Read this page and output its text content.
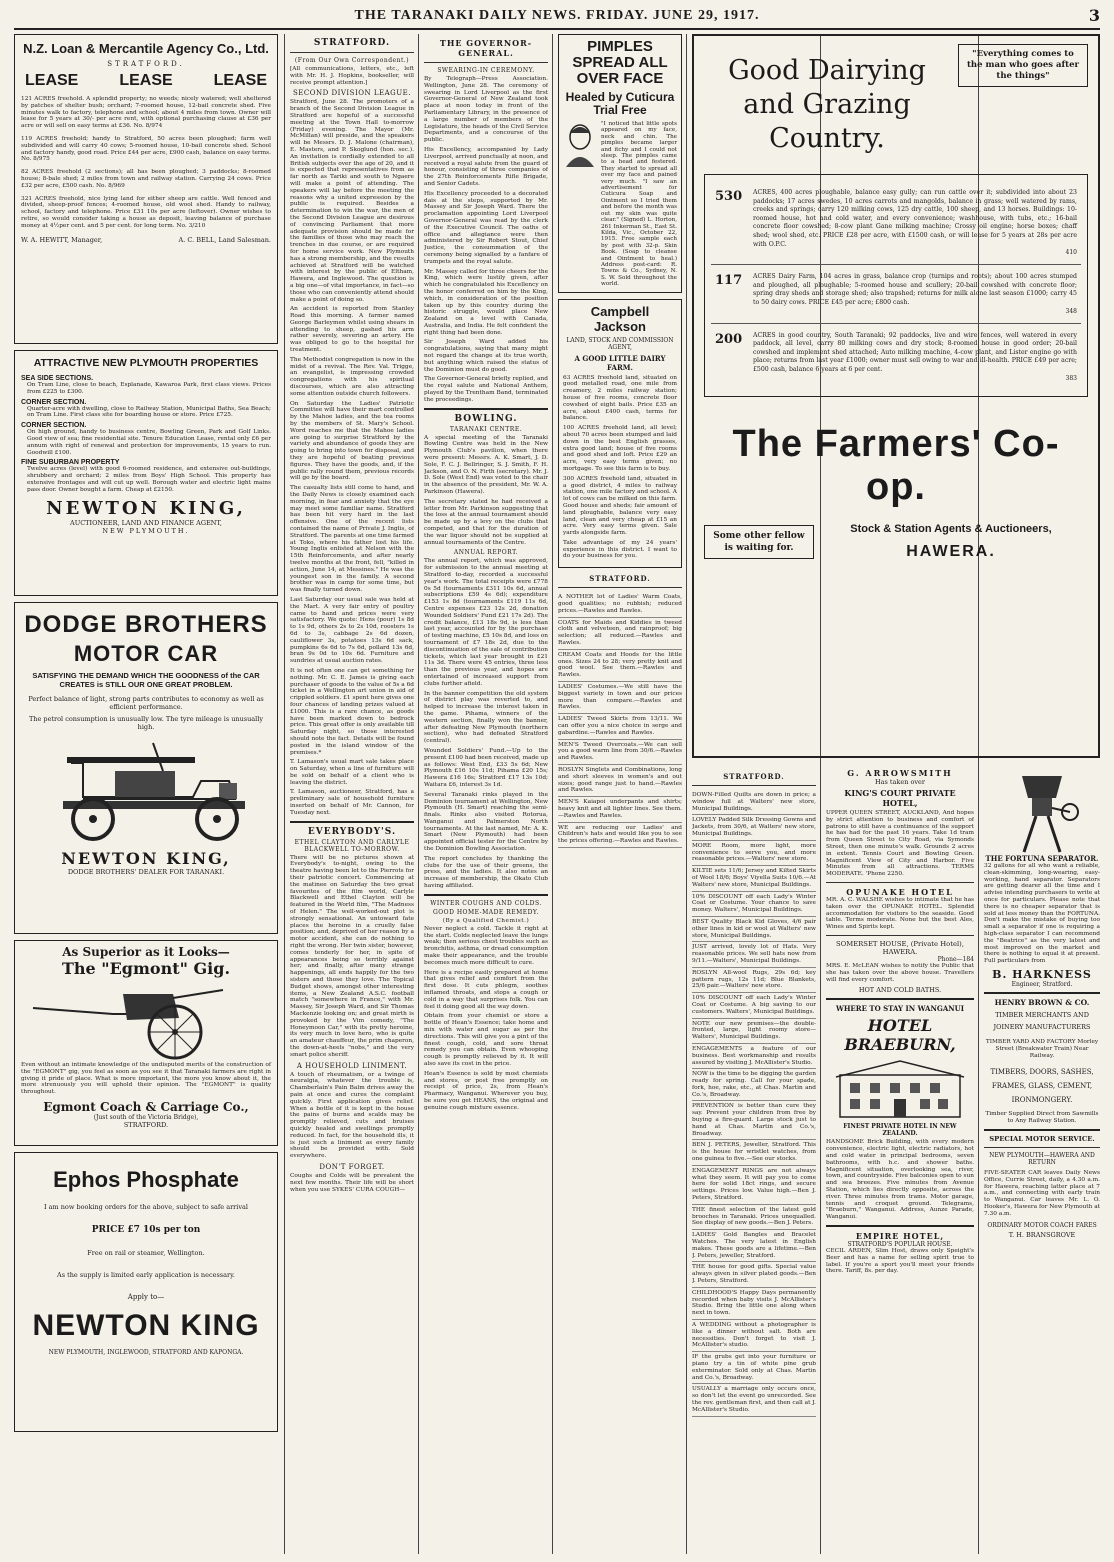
THE TARANAKI DAILY NEWS. FRIDAY. JUNE 29, 1917.	3
N.Z. Loan & Mercantile Agency Co., Ltd.
STRATFORD.
LEASE	LEASE	LEASE
121 ACRES freehold. A splendid property; no weeds; nicely watered; well sheltered by patches of shelter bush; orchard; 7-roomed house, 12-bail concrete shed. Five minutes walk to factory, telephone and school; about 4 miles from town. Owner will lease for 5 years at 30/- per acre rent, with optional purchasing clause at £36 per acre or will sell on easy terms at £36. No. 8/974
119 ACRES freehold; handy to Stratford, 50 acres been ploughed; farm well subdivided and will carry 40 cows; 5-roomed house, 10-bail concrete shed. School and factory handy, good road. Price £44 per acre, £900 cash, balance on easy terms. No. 8/975
82 ACRES freehold (2 sections); all has been ploughed; 3 paddocks; 8-roomed house; 8-bale shed; 2 miles from town and railway station. Carrying 24 cows. Price £32 per acre, £500 cash. No. 8/969
321 ACRES freehold, nice lying land for either sheep are cattle. Well fenced and divided, sheep-proof fences; 4-roomed house, old wool shed. Handy to railway, school, factory and telephone. Price £31 10s per acre (leftover). Owner wishes to retire, so would consider taking a house as deposit, leaving balance of purchase money at 4½per cent. and 5 per cent. for long term. No. 3/210
W. A. HEWITT, Manager,	A. C. BELL, Land Salesman.
ATTRACTIVE NEW PLYMOUTH PROPERTIES
SEA SIDE SECTIONS.
On Tram Line, close to beach, Esplanade, Kawaroa Park, first class views. Prices from £225 to £300.
CORNER SECTION.
Quarter-acre with dwelling, close to Railway Station, Municipal Baths, Sea Beach; on Tram Line. First class site for boarding house or store. Price £725.
CORNER SECTION.
On high ground, handy to business centre, Bowling Green, Park and Golf Links. Good view of sea; fine residential site. Tenure Education Lease, rental only £6 per annum with right of renewal and protection for improvements, 15 years to run. Goodwill £100.
FINE SUBURBAN PROPERTY
Twelve acres (level) with good 6-roomed residence, and extensive out-buildings, shrubbery and orchard; 2 miles from Boys' High School. This property has extensive frontages and will cut up well. Borough water and electric light mains pass door. Owner bought a farm. Cheap at £2150.
NEWTON KING,
AUCTIONEER, LAND AND FINANCE AGENT,
NEW PLYMOUTH.
DODGE BROTHERS
MOTOR CAR
SATISFYING THE DEMAND WHICH THE GOODNESS of the CAR CREATES is STILL OUR ONE GREAT PROBLEM.
Perfect balance of light, strong parts contributes to economy as well as efficient performance.
The petrol consumption is unusually low. The tyre mileage is unusually high.
NEWTON KING,
DODGE BROTHERS' DEALER FOR TARANAKI.
As Superior as it Looks—
The "Egmont" Gig.
Even without an intimate knowledge of the undisputed merits of the construction of the "EGMONT" gig, you feel as soon as you see it that Taranaki farmers are right in giving it pride of place. What is more important, the more you know about it, the more strenuously you will uphold their opinion. The "EGMONT" is quality throughout.
Egmont Coach & Carriage Co.,
(Just south of the Victoria Bridge),
STRATFORD.
Ephos Phosphate
I am now booking orders for the above, subject to safe arrival
PRICE £7 10s per ton
Free on rail or steamer, Wellington.
As the supply is limited early application is necessary.
Apply to—
NEWTON KING
NEW PLYMOUTH, INGLEWOOD, STRATFORD AND KAPONGA.
STRATFORD.
(From Our Own Correspondent.)
[All communications, letters, etc., left with Mr. H. J. Hopkins, bookseller, will receive prompt attention.]
SECOND DIVISION LEAGUE.
Stratford, June 28. The promoters of a branch of the Second Division League in Stratford are hopeful of a successful meeting at the Town Hall to-morrow (Friday) evening. The Mayor (Mr. McMillan) will preside, and the speakers will be Messrs. D. J. Malone (chairman), E. Masters, and P. Skoglund (hon. sec.). An invitation is cordially extended to all British subjects over the age of 20, and it is expected that representatives from as far north as Tariki and south to Ngaere will make a point of attending. The speakers will lay before the meeting the reasons why a united expression by the public is required. Besides a determination to win the war, the men of the Second Division League are desirous of convincing Parliament that more adequate provision should be made for the families of those who may reach the trenches in due course, or are required for home service work. New Plymouth has a strong membership, and the results achieved at Stratford will be watched with interest by the public of Eltham, Hawera, and Inglewood. The question is a big one—of vital importance, in fact—so those who can conveniently attend should make a point of doing so.
An accident is reported from Stanley Road this morning. A farmer named George Barleymen whilst using shears in attending to sheep, gashed his arm rather severely, severing an artery. He was obliged to go to the hospital for treatment.
The Methodist congregation is now in the midst of a revival. The Rev. Val. Trigge, an evangelist, is impressing crowded congregations with his spiritual discourses, which are also attracting some attention outside church followers.
On Saturday the Ladies' Patriotic Committee will have their mart controlled by the Mahoe ladies, and the tea rooms by the members of St. Mary's School. Word reaches me that the Mahoe ladies are going to surprise Stratford by the variety and abundance of goods they are going to bring into town for disposal, and they are hopeful of beating previous figures. They have the goods, and, if the public rally round them, previous records will go by the board.
The casualty lists still come to hand, and the Daily News is closely examined each morning, in fear and anxiety that the eye may meet some familiar name. Stratford has been hit very hard in the last offensive. One of the recent lists contained the name of Private J. Inglis, of Stratford. The parents at one time farmed at Toko, where his father lost his life. Young Inglis enlisted at Nelson with the 15th Reinforcements, and after nearly twelve months at the front, fell, "killed in action, June 14, at Messines." He was the youngest son in the family. A second brother was in camp for some time, but was finally turned down.
Last Saturday our usual sale was held at the Mart. A very fair entry of poultry came to hand and prices were very satisfactory. We quote: Hens (pour) 1s 8d to 1s 9d, others 2s to 2s 10d, roosters 1s 6d to 3s, cabbage 2s 6d dozen, cauliflower 3s, potatoes 13s 6d sack, pumpkins 6s 6d to 7s 6d, pollard 13s 6d, bran 9s 0d to 10s 6d. Furniture and sundries at usual auction rates.
It is not often one can get something for nothing. Mr. C. E. James is giving each purchaser of goods to the value of 5s a 6d ticket in a Wellington art union in aid of crippled soldiers. £1 spent here gives one four chances of landing prizes valued at £1000. This is a rare chance, as goods have been marked down to bedrock price. This great offer is only available till Saturday night, so those interested should note the fact. Details will be found posted in the island window of the premises.*
T. Lamason's usual mart sale takes place on Saturday, when a line of furniture will be sold on behalf of a client who is leaving the district.
T. Lamason, auctioneer, Stratford, has a preliminary sale of household furniture inserted on behalf of Mr. Cannon, for Tuesday next.
EVERYBODY'S.
ETHEL CLAYTON AND CARLYLE BLACKWELL TO-MORROW.
There will be no pictures shown at Everybody's to-night, owing to the theatre having been let to the Pierrots for their patriotic concert. Commencing at the matinee on Saturday the two great favourites of the film world, Carlyle Blackwell and Ethel Clayton will be featured in the World film, "The Madness of Helen." The well-worked-out plot is strongly sensational. An untoward fate places the heroine in a cruelly false position; and, deprived of her reason by a motor accident, she can do nothing to right the wrong. Her twin sister, however, comes tenderly for her, in spite of appearances being so terribly against her; and finally, after many strange happenings, all ends happily for the two sisters and those they love. The Topical Budget shows, amongst other interesting items, a New Zealand A.S.C. football match "somewhere in France," with Mr. Massey, Sir Joseph Ward, and Sir Thomas Mackenzie looking on; and great mirth is provoked by the Vim comedy, "The Honeymoon Car," with its pretty heroine, its very much in love hero, who is quite an amateur chauffeur, the prim chaperon, the down-at-heels "nobs," and the very smart police sheriff.
A HOUSEHOLD LINIMENT.
A touch of rheumatism, or a twinge of neuralgia, whatever the trouble is, Chamberlain's Pain Balm drives away the pain at once and cures the complaint quickly. First application gives relief. When a bottle of it is kept in the house the pains of burns and scalds may be promptly relieved, cuts and bruises quickly healed and swellings promptly reduced. In fact, for the household ills, it is just such a liniment as every family should be provided with. Sold everywhere.
DON'T FORGET.
Coughs and Colds will be prevalent the next few months. Their life will be short when you use SYKES' CURA COUGH—
THE GOVERNOR-GENERAL.
SWEARING-IN CEREMONY.
By Telegraph—Press Association. Wellington, June 28. The ceremony of swearing in Lord Liverpool as the first Governor-General of New Zealand took place at noon today in front of the Parliamentary Library, in the presence of a large number of members of the Legislature, the heads of the Civil Service Departments, and a concourse of the public.
His Excellency, accompanied by Lady Liverpool, arrived punctually at noon, and received a royal salute from the guard of honour, consisting of three companies of the 27th Reinforcements Rifle Brigade, and Senior Cadets.
His Excellency proceeded to a decorated dais at the steps, supported by Mr. Massey and Sir Joseph Ward. There the proclamation appointing Lord Liverpool Governor-General was read by the clerk of the Executive Council. The oaths of office and allegiance were then administered by Sir Robert Stout, Chief Justice, the consummation of the ceremony being signalled by a fanfare of trumpets and the royal salute.
Mr. Massey called for three cheers for the King, which were lustily given, after which he congratulated his Excellency on the honor conferred on him by the King, which, in consideration of the position taken up by this country during the historic struggle, would place New Zealand on a level with Canada, Australia, and India. He felt confident the right thing had been done.
Sir Joseph Ward added his congratulations, saying that many might not regard the change at its true worth, but anything which raised the status of the Dominion must do good.
The Governor-General briefly replied, and the royal salute and National Anthem, played by the Trentham Band, terminated the proceedings.
BOWLING.
TARANAKI CENTRE.
A special meeting of the Taranaki Bowling Centre was held in the New Plymouth Club's pavilion, when there were present: Messrs. A. K. Smart, J. D. Sole, F. C. J. Bellringer, S. J. Smith, F. H. Jackson, and O. N. Firth (secretary). Mr. J. D. Sole (West End) was voted to the chair in the absence of the president, Mr. W. A. Parkinson (Hawera).
The secretary stated he had received a letter from Mr. Parkinson suggesting that the loss at the annual tournament should be made up by a levy on the clubs that competed, and that for the duration of the war liquor should not be supplied at annual tournaments of the Centre.
ANNUAL REPORT.
The annual report, which was approved, for submission to the annual meeting at Stratford to-day, recorded a successful year's work. The total receipts were £778 0s 5d (tournaments £311 10s 6d, annual subscriptions £59 4s 6d); expenditure £153 1s 8d (tournaments £119 11s 6d, Centre expenses £23 12s 2d, donation Wounded Soldiers' Fund £21 17s 2d). The credit balance, £13 18s 9d, is less than last year, accounted for by the purchase of testing machine, £5 10s 8d, and loss on tournament of £7 18s 2d, due to the discontinuation of the sale of contribution tickets, which last year brought in £21 11s 3d. There were 45 entries, three less than the previous year, and hopes are entertained of increased support from clubs further afield.
In the banner competition the old system of district play was reverted to, and helped to increase the interest taken in the game. Pihama, winners of the western section, finally won the banner, after defeating New Plymouth (northern section), who had defeated Stratford (central).
Wounded Soldiers' Fund.—Up to the present £100 had been received, made up as follows: West End, £33 5s 6d; New Plymouth £16 10s 11d; Pihama £20 15s; Hawera £16 16s; Stratford £17 13s 10d; Waitara £6, interest 3s 1d.
Several Taranaki rinks played in the Dominion tournament at Wellington, New Plymouth (H. Smart) reaching the semi-finals. Rinks also visited Rotorua, Wanganui and Palmerston North tournaments. At the last named, Mr. A. K. Smart (New Plymouth) had been appointed official tester for the Centre by the Dominion Bowling Association.
The report concludes by thanking the clubs for the use of their greens, the press, and the ladies. It also notes an increase of membership, the Okato Club having affiliated.
WINTER COUGHS AND COLDS.
GOOD HOME-MADE REMEDY.
(By a Qualified Chemist.)
Never neglect a cold. Tackle it right at the start. Colds neglected leave the lungs weak; then serious chest troubles such as bronchitis, asthma, or dread consumption make their appearance, and the trouble becomes much more difficult to cure.
Here is a recipe easily prepared at home that gives relief and comfort from the first dose. It cuts phlegm, soothes inflamed throats, and stops a cough or cold in a way that surprises folk. You can feel it doing good all the way down.
Obtain from your chemist or store a bottle of Hean's Essence; take home and mix with water and sugar as per the directions. This will give you a pint of the finest cough, cold, and sore throat remedy you can obtain. Even whooping cough is promptly relieved by it. It will also save its cost in the price.
Hean's Essence is sold by most chemists and stores, or post free promptly on receipt of price, 2s, from Hean's Pharmacy, Wanganui. Wherever you buy, be sure you get HEANS, the original and genuine cough mixture essence.
PIMPLES SPREAD ALL OVER FACE
Healed by Cuticura Trial Free
"I noticed that little spots appeared on my face, neck and chin. The pimples became larger and itchy and I could not sleep. The pimples came to a head and festered. They started to spread all over my face and pained very much. "I saw an advertisement for Cuticura Soap and Ointment so I tried them and before the month was out my skin was quite clear." (Signed) L. Horton, 261 Inkerman St., East St. Kilda, Vic., October 22, 1915. Free sample each by post with 32-p. Skin Book. (Soap to cleanse and Ointment to heal.) Address post-card: R. Towns & Co., Sydney, N. S. W. Sold throughout the world.
Campbell Jackson
LAND, STOCK AND COMMISSION AGENT,
A GOOD LITTLE DAIRY FARM.
63 ACRES freehold land, situated on good metalled road, one mile from creamery, 2 miles railway station; house of five rooms, concrete floor cowshed of eight bails. Price £35 an acre, about £400 cash, terms for balance.
100 ACRES freehold land, all level; about 70 acres been stumped and laid down in the best English grasses, extra good land; house of five rooms and good shed and loft. Price £29 an acre, very easy terms given; no mortgage. To see this farm is to buy.
300 ACRES freehold land, situated in a good district, 4 miles to railway station, one mile factory and school. A lot of cows can be milked on this farm. Good house and sheds; fair amount of land ploughable, balance very easy land, clean and very cheap at £15 an acre. Very easy terms given. Sale yards alongside farm.
Take advantage of my 24 years' experience in this district. I want to do your business for you.
STRATFORD.
A NOTHER lot of Ladies' Warm Coats, good qualities; no rubbish; reduced prices.—Rawles and Rawles.
COATS for Maids and Kiddies in tweed cloth and velveteen, and rainproof; big selection; all reduced.—Rawles and Rawles.
CREAM Coats and Hoods for the little ones. Sizes 24 to 28; very pretty knit and good wool. See them.—Rawles and Rawles.
LADIES' Costumes.—We still have the biggest variety in town and our prices more than compare.—Rawles and Rawles.
LADIES' Tweed Skirts from 13/11. We can offer you a nice choice in serge and gabardine.—Rawles and Rawles.
MEN'S Tweed Overcoats.—We can sell you a good warm line from 30/6.—Rawles and Rawles.
ROSLYN Singlets and Combinations, long and short sleeves in women's and out sizes; good range just to hand.—Rawles and Rawles.
MEN'S Kaiapoi underpants and shirts; heavy knit and all lighter lines. See them.—Rawles and Rawles.
WE are reducing our Ladies' and Children's hats and would like you to see the prices offering.—Rawles and Rawles.
"Everything comes to the man who goes after the things"
Good Dairying and Grazing Country.
530 ACRES, 400 acres ploughable, balance easy gully; can run cattle over it; subdivided into about 23 paddocks; 17 acres swedes, 10 acres carrots and mangolds, balance in grass; well watered by rams, creeks and springs; carry 120 milking cows, 125 dry cattle, 100 sheep, and 13 horses. Buildings: 10-roomed house, hot and cold water, and every convenience; washhouse, with tubs, etc.; 16-bail concrete floor cowshed; 8-cow plant Gane milking machine; Crossy oil engine; horse boxes; chaff shed; wool shed, etc. PRICE £28 per acre, with £1500 cash, or will lease for 5 years at 28s per acre with O.P.C.
410
117 ACRES Dairy Farm, 104 acres in grass, balance crop (turnips and roots); about 100 acres stumped and ploughed, all ploughable; 5-roomed house and scullery; 20-bail cowshed with concrete floor; spring dray sheds and storage shed; also trapshed; returns for milk alone last season £1000; carry 45 to 50 dairy cows. PRICE £45 per acre; £800 cash.
348
200 ACRES in good country, South Taranaki; 92 paddocks, live and wire fences, well watered in every paddock, all level, carry 80 milking cows and dry stock; 8-roomed house in good order; 20-bail cowshed and implement shed attached; Auto milking machine, 4-cow plant, and Lister engine go with place; returns from last year £1000; owner must sell owing to war and ill-health. PRICE £49 per acre; £500 cash, balance 6 years at 6 per cent.
383
The Farmers' Co-op.
Some other fellow is waiting for.
Stock & Station Agents & Auctioneers,
HAWERA.
STRATFORD.
DOWN-Filled Quilts are down in price; a window full at Walters' new store, Municipal Buildings.
LOVELY Padded Silk Dressing Gowns and Jackets, from 30/6, at Walters' new store, Municipal Buildings.
MORE Room, more light, more convenience to serve you, and more reasonable prices.—Walters' new store.
KILTIE sets 11/6; Jersey and Kilted Skirts of Wool 18/6; Boys' Viyella Suits 10/6.—At Walters' new store, Municipal Buildings.
10% DISCOUNT off each Lady's Winter Coat or Costume. Your chance to save money. Walters', Municipal Buildings.
BEST Quality Black Kid Gloves, 4/6 pair other lines in kid or wool at Walters' new store, Municipal Buildings.
JUST arrived, lovely lot of Hats. Very reasonable prices. We sell hats now from 9/11.—Walters', Municipal Buildings.
ROSLYN All-wool Rugs, 29s 6d; key pattern rugs, 12s 11d; Blue Blankets, 25/6 pair.—Walters' new store.
10% DISCOUNT off each Lady's Winter Coat or Costume. A big saving to our customers. Walters', Municipal Buildings.
NOTE our new premises—the double-fronted, large, light roomy store—Walters', Municipal Buildings.
ENGAGEMENTS a feature of our business. Best workmanship and results assured by visiting J. McAllister's Studio.
NOW is the time to be digging the garden ready for spring. Call for your spade, fork, hoe, rake, etc., at Chas. Martin and Co.'s, Broadway.
PREVENTION is better than cure they say. Prevent your children from free by buying a fire-guard. Large stock just to hand at Chas. Martin and Co.'s, Broadway.
BEN J. PETERS, Jeweller, Stratford. This is the house for wristlet watches, from one guinea to five.—See our stocks.
ENGAGEMENT RINGS are not always what they seem. It will pay you to come here for solid 18ct rings, and secure settings. Prices low. Value high.—Ben J. Peters, Stratford.
THE finest selection of the latest gold brooches in Taranaki. Prices unequalled. See display of new goods.—Ben J. Peters.
LADIES' Gold Bangles and Bracelet Watches. The very latest in English makes. These goods are a lifetime.—Ben J. Peters, jeweller, Stratford.
THE house for good gifts. Special value always given in silver plated goods.—Ben J. Peters, Stratford.
CHILDHOOD'S Happy Days permanently recorded when baby visits J. McAllister's Studio. Bring the little one along when next in town.
A WEDDING without a photographer is like a dinner without salt. Both are necessities. Don't forget to visit J. McAllister's studio.
IF the grubs get into your furniture or piano try a tin of white pine grub exterminator. Sold only at Chas. Martin and Co.'s, Broadway.
USUALLY a marriage only occurs once, so don't let the event go unrecorded. See the rev. gentleman first, and then call at J. McAllister's Studio.
G. ARROWSMITH
Has taken over
KING'S COURT PRIVATE HOTEL,
UPPER QUEEN STREET, AUCKLAND, And hopes by strict attention to business and comfort of patrons to still have a continuance of the support he has had for the past 16 years. Take 1d tram from Queen Street to City Road, via Symonds Street, then one minute's walk. Grounds 2 acres in extent. Tennis Court and Bowling Green. Magnificent View of City and Harbor. Five Minutes from all attractions. TERMS MODERATE. 'Phone 2250.
OPUNAKE HOTEL
MR. A. C. WALSHE wishes to intimate that he has taken over the OPUNAKE HOTEL. Splendid accommodation for visitors to the seaside. Good table. Terms moderate. None but the best Ales, Wines and Spirits kept.
SOMERSET HOUSE, (Private Hotel), HAWERA.
Phone—184
MRS. E. McLEAN wishes to notify the Public that she has taken over the above house. Travellers will find every comfort.
HOT AND COLD BATHS.
WHERE TO STAY IN WANGANUI
HOTEL BRAEBURN,
FINEST PRIVATE HOTEL IN NEW ZEALAND.
HANDSOME Brick Building, with every modern convenience, electric light, electric radiators, hot and cold water in principal bedrooms, seven bathrooms, with h.c. and shower baths. Magnificent situation, overlooking sea, river, town, and countryside. Five balconies open to sun and sea breezes. Five minutes from Avenue Station, which lies directly opposite, across the river. Three minutes from trams. Motor garage, tennis and croquet ground. Telegrams, "Braeburn," Wanganui. Address, Aunze Parade, Wanganui.
EMPIRE HOTEL,
STRATFORD'S POPULAR HOUSE.
CECIL ARDEN, Slim Host, draws only Speight's Beer and has a name for selling spirit true to label. If you're a sport you'll meet your friends there. Tariff, 8s. per day.
THE FORTUNA SEPARATOR.
32 gallons for all who want a reliable, clean-skimming, long-wearing, easy-working, hand separator. Separators are getting dearer all the time and I advise intending purchasers to write at once for particulars. Please note that there is no cheaper separator that is sold at less money than the FORTUNA. Don't make the mistake of buying too small a separator if one is requiring a high-class separator I can recommend the "Beatrice" as the very latest and most improved on the market and there is nothing to equal it at present. Full particulars from
B. HARKNESS
Engineer, Stratford.
HENRY BROWN & CO.
TIMBER MERCHANTS AND
JOINERY MANUFACTURERS
TIMBER YARD AND FACTORY Morley Street (Breakwater Train) Near Railway.
TIMBERS, DOORS, SASHES, FRAMES, GLASS, CEMENT, IRONMONGERY.
Timber Supplied Direct from Sawmills to Any Railway Station.
SPECIAL MOTOR SERVICE.
NEW PLYMOUTH—HAWERA AND RETURN
FIVE-SEATER CAR leaves Daily News Office, Currie Street, daily, a 4.30 a.m. for Hawera, reaching latter place at 7 a.m., and connecting with early train to Wanganui. Car leaves Mr. L. O. Hooker's, Hawera for New Plymouth at 7.30 a.m.
ORDINARY MOTOR COACH FARES
T. H. BRANSGROVE
